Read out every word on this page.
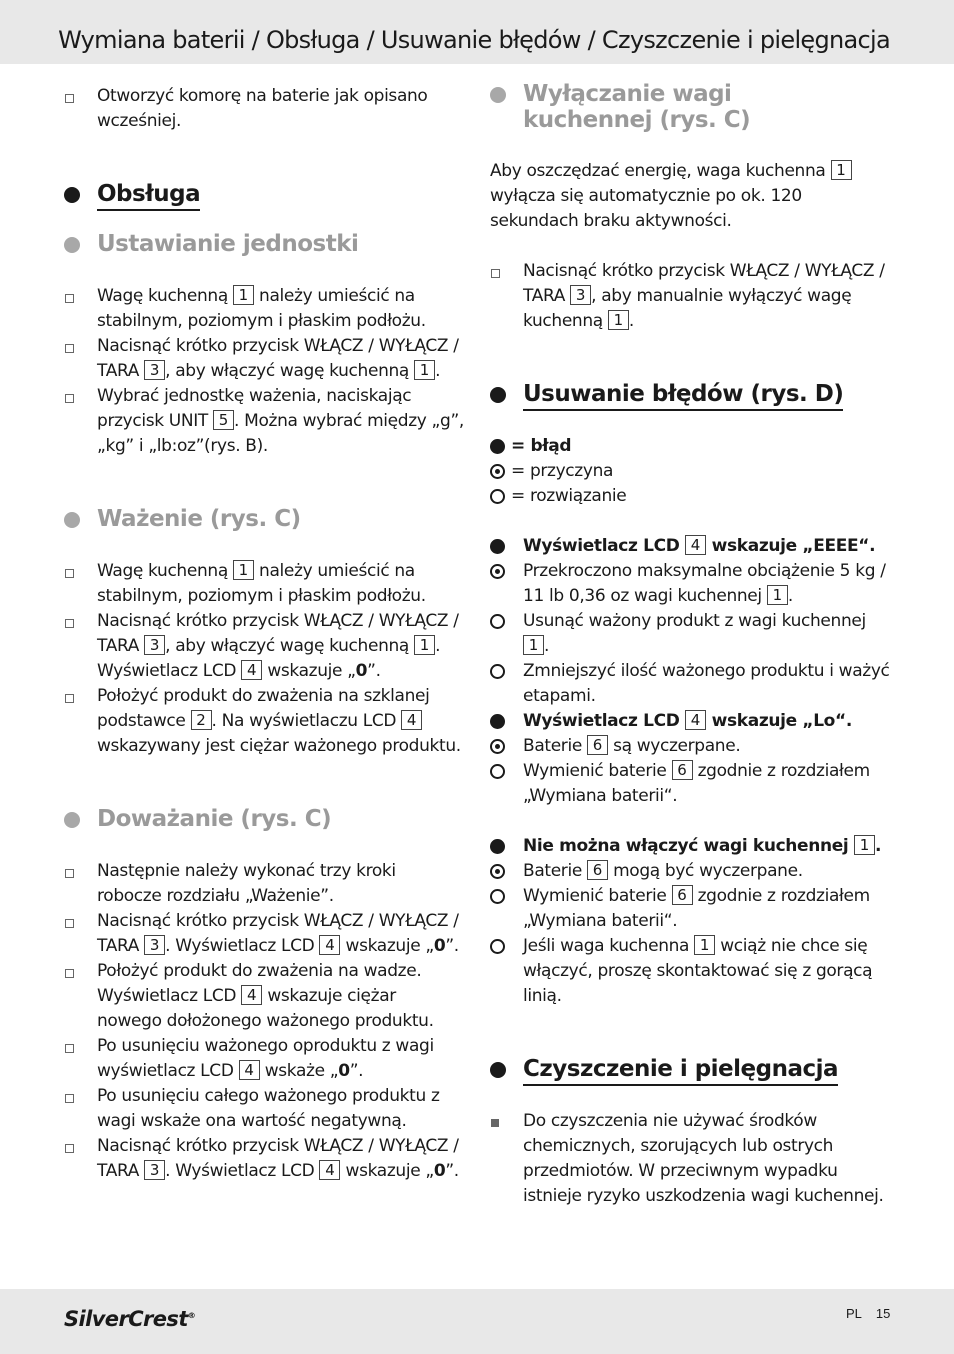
Wymiana baterii / Obsługa / Usuwanie błędów / Czyszczenie i pielęgnacja
Otworzyć komorę na baterie jak opisano wcześniej.
Obsługa
Ustawianie jednostki
Wagę kuchenną 1 należy umieścić na stabilnym, poziomym i płaskim podłożu.
Nacisnąć krótko przycisk WŁĄCZ / WYŁĄCZ / TARA 3 , aby włączyć wagę kuchenną 1 .
Wybrać jednostkę ważenia, naciskając przycisk UNIT 5 . Można wybrać między „g”, „kg” i „lb:oz”(rys. B).
Ważenie (rys. C)
Wagę kuchenną 1 należy umieścić na stabilnym, poziomym i płaskim podłożu.
Nacisnąć krótko przycisk WŁĄCZ / WYŁĄCZ / TARA 3 , aby włączyć wagę kuchenną 1 . Wyświetlacz LCD 4 wskazuje „0”.
Położyć produkt do zważenia na szklanej podstawce 2 . Na wyświetlaczu LCD 4 wskazywany jest ciężar ważonego produktu.
Doważanie (rys. C)
Następnie należy wykonać trzy kroki robocze rozdziału „Ważenie”.
Nacisnąć krótko przycisk WŁĄCZ / WYŁĄCZ / TARA 3 . Wyświetlacz LCD 4 wskazuje „0”.
Położyć produkt do zważenia na wadze. Wyświetlacz LCD 4 wskazuje ciężar nowego dołożonego ważonego produktu.
Po usunięciu ważonego oproduktu z wagi wyświetlacz LCD 4 wskaże „0”.
Po usunięciu całego ważonego produktu z wagi wskaże ona wartość negatywną.
Nacisnąć krótko przycisk WŁĄCZ / WYŁĄCZ / TARA 3 . Wyświetlacz LCD 4 wskazuje „0”.
Wyłączanie wagi kuchennej (rys. C)
Aby oszczędzać energię, waga kuchenna 1 wyłącza się automatycznie po ok. 120 sekundach braku aktywności.
Nacisnąć krótko przycisk WŁĄCZ / WYŁĄCZ / TARA 3 , aby manualnie wyłączyć wagę kuchenną 1 .
Usuwanie błędów (rys. D)
= błąd
= przyczyna
= rozwiązanie
Wyświetlacz LCD 4 wskazuje „EEEE“.
Przekroczono maksymalne obciążenie 5 kg / 11 lb 0,36 oz wagi kuchennej 1 .
Usunąć ważony produkt z wagi kuchennej 1 .
Zmniejszyć ilość ważonego produktu i ważyć etapami.
Wyświetlacz LCD 4 wskazuje „Lo“.
Baterie 6 są wyczerpane.
Wymienić baterie 6 zgodnie z rozdziałem „Wymiana baterii“.
Nie można włączyć wagi kuchennej 1 .
Baterie 6 mogą być wyczerpane.
Wymienić baterie 6 zgodnie z rozdziałem „Wymiana baterii“.
Jeśli waga kuchenna 1 wciąż nie chce się włączyć, proszę skontaktować się z gorącą linią.
Czyszczenie i pielęgnacja
Do czyszczenia nie używać środków chemicznych, szorujących lub ostrych przedmiotów. W przeciwnym wypadku istnieje ryzyko uszkodzenia wagi kuchennej.
SilverCrest®	PL 15
